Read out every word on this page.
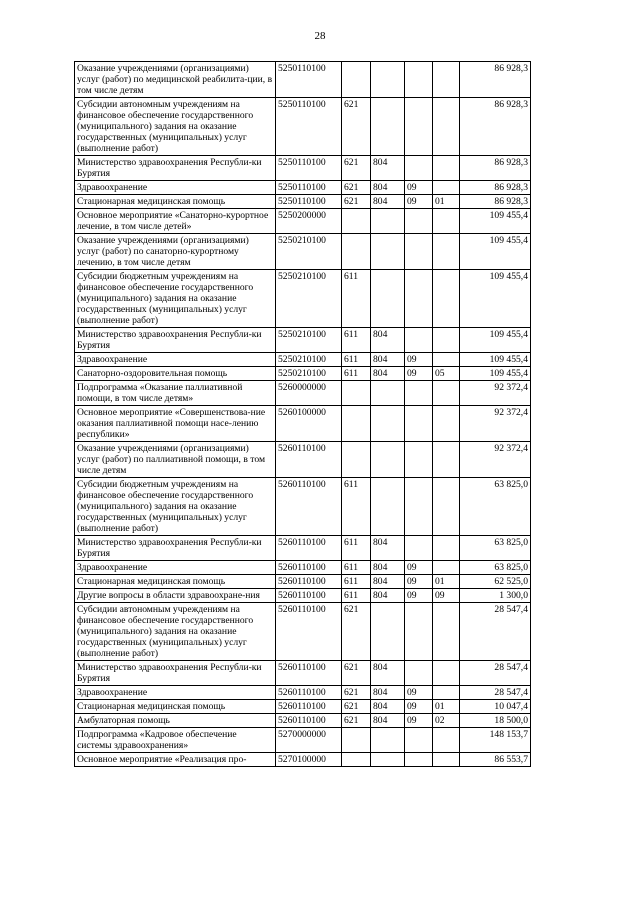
28
Оказание учреждениями (организациями) услуг (работ) по медицинской реабилита-ции, в том числе детям	5250110100					86 928,3
Субсидии автономным учреждениям на финансовое обеспечение государственного (муниципального) задания на оказание государственных (муниципальных) услуг (выполнение работ)	5250110100	621				86 928,3
Министерство здравоохранения Республи-ки Бурятия	5250110100	621	804			86 928,3
Здравоохранение	5250110100	621	804	09		86 928,3
Стационарная медицинская помощь	5250110100	621	804	09	01	86 928,3
Основное мероприятие «Санаторно-курортное лечение, в том числе детей»	5250200000					109 455,4
Оказание учреждениями (организациями) услуг (работ) по санаторно-курортному лечению, в том числе детям	5250210100					109 455,4
Субсидии бюджетным учреждениям на финансовое обеспечение государственного (муниципального) задания на оказание государственных (муниципальных) услуг (выполнение работ)	5250210100	611				109 455,4
Министерство здравоохранения Республи-ки Бурятия	5250210100	611	804			109 455,4
Здравоохранение	5250210100	611	804	09		109 455,4
Санаторно-оздоровительная помощь	5250210100	611	804	09	05	109 455,4
Подпрограмма «Оказание паллиативной помощи, в том числе детям»	5260000000					92 372,4
Основное мероприятие «Совершенствова-ние оказания паллиативной помощи насе-лению республики»	5260100000					92 372,4
Оказание учреждениями (организациями) услуг (работ) по паллиативной помощи, в том числе детям	5260110100					92 372,4
Субсидии бюджетным учреждениям на финансовое обеспечение государственного (муниципального) задания на оказание государственных (муниципальных) услуг (выполнение работ)	5260110100	611				63 825,0
Министерство здравоохранения Республи-ки Бурятия	5260110100	611	804			63 825,0
Здравоохранение	5260110100	611	804	09		63 825,0
Стационарная медицинская помощь	5260110100	611	804	09	01	62 525,0
Другие вопросы в области здравоохране-ния	5260110100	611	804	09	09	1 300,0
Субсидии автономным учреждениям на финансовое обеспечение государственного (муниципального) задания на оказание государственных (муниципальных) услуг (выполнение работ)	5260110100	621				28 547,4
Министерство здравоохранения Республи-ки Бурятия	5260110100	621	804			28 547,4
Здравоохранение	5260110100	621	804	09		28 547,4
Стационарная медицинская помощь	5260110100	621	804	09	01	10 047,4
Амбулаторная помощь	5260110100	621	804	09	02	18 500,0
Подпрограмма «Кадровое обеспечение системы здравоохранения»	5270000000					148 153,7
Основное мероприятие «Реализация про-	5270100000					86 553,7
